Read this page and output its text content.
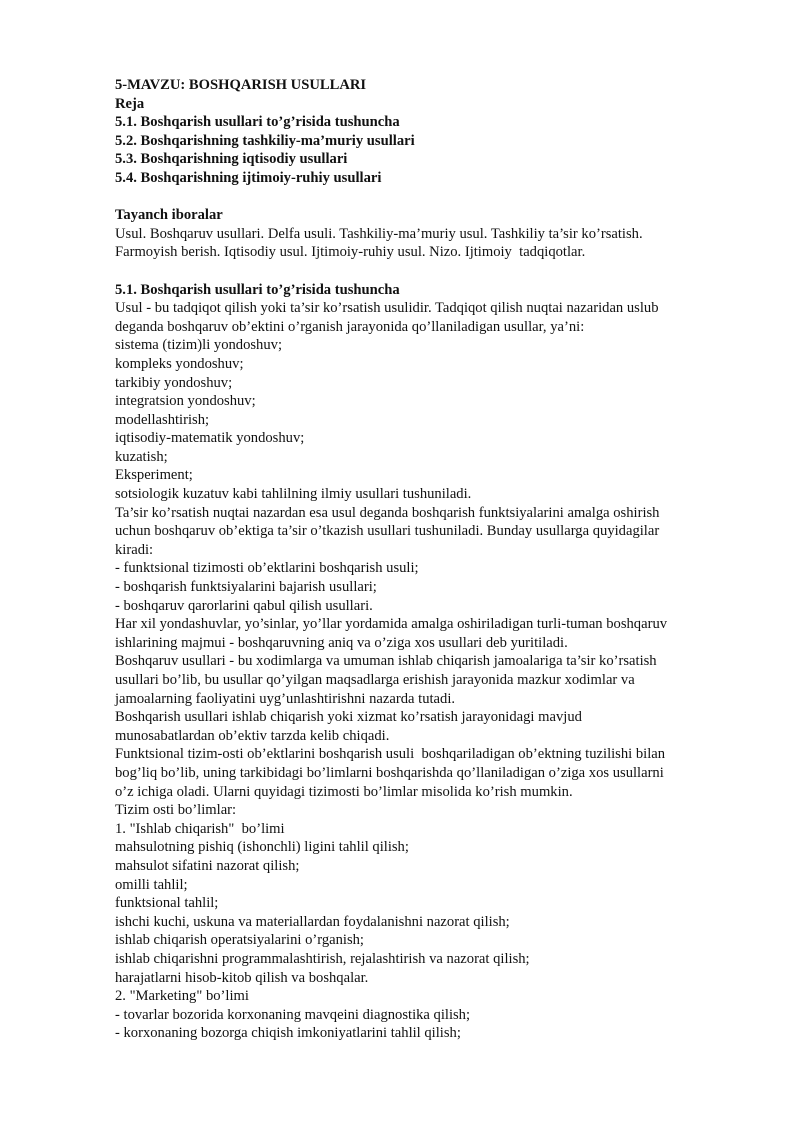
5-MAVZU: BOSHQARISH USULLARI
Reja
5.1. Boshqarish usullari to’g’risida tushuncha
5.2. Boshqarishning tashkiliy-ma’muriy usullari
5.3. Boshqarishning iqtisodiy usullari
5.4. Boshqarishning ijtimoiy-ruhiy usullari
Tayanch iboralar
Usul. Boshqaruv usullari. Delfa usuli. Tashkiliy-ma’muriy usul. Tashkiliy ta’sir ko’rsatish.
Farmoyish berish. Iqtisodiy usul. Ijtimoiy-ruhiy usul. Nizo. Ijtimoiy  tadqiqotlar.
5.1. Boshqarish usullari to’g’risida tushuncha
Usul - bu tadqiqot qilish yoki ta’sir ko’rsatish usulidir. Tadqiqot qilish nuqtai nazaridan uslub
deganda boshqaruv ob’ektini o’rganish jarayonida qo’llaniladigan usullar, ya’ni:
sistema (tizim)li yondoshuv;
kompleks yondoshuv;
tarkibiy yondoshuv;
integratsion yondoshuv;
modellashtirish;
iqtisodiy-matematik yondoshuv;
kuzatish;
Eksperiment;
sotsiologik kuzatuv kabi tahlilning ilmiy usullari tushuniladi.
Ta’sir ko’rsatish nuqtai nazardan esa usul deganda boshqarish funktsiyalarini amalga oshirish
uchun boshqaruv ob’ektiga ta’sir o’tkazish usullari tushuniladi. Bunday usullarga quyidagilar
kiradi:
- funktsional tizimosti ob’ektlarini boshqarish usuli;
- boshqarish funktsiyalarini bajarish usullari;
- boshqaruv qarorlarini qabul qilish usullari.
Har xil yondashuvlar, yo’sinlar, yo’llar yordamida amalga oshiriladigan turli-tuman boshqaruv
ishlarining majmui - boshqaruvning aniq va o’ziga xos usullari deb yuritiladi.
Boshqaruv usullari - bu xodimlarga va umuman ishlab chiqarish jamoalariga ta’sir ko’rsatish
usullari bo’lib, bu usullar qo’yilgan maqsadlarga erishish jarayonida mazkur xodimlar va
jamoalarning faoliyatini uyg’unlashtirishni nazarda tutadi.
Boshqarish usullari ishlab chiqarish yoki xizmat ko’rsatish jarayonidagi mavjud
munosabatlardan ob’ektiv tarzda kelib chiqadi.
Funktsional tizim-osti ob’ektlarini boshqarish usuli  boshqariladigan ob’ektning tuzilishi bilan
bog’liq bo’lib, uning tarkibidagi bo’limlarni boshqarishda qo’llaniladigan o’ziga xos usullarni
o’z ichiga oladi. Ularni quyidagi tizimosti bo’limlar misolida ko’rish mumkin.
Tizim osti bo’limlar:
1. "Ishlab chiqarish"  bo’limi
mahsulotning pishiq (ishonchli) ligini tahlil qilish;
mahsulot sifatini nazorat qilish;
omilli tahlil;
funktsional tahlil;
ishchi kuchi, uskuna va materiallardan foydalanishni nazorat qilish;
ishlab chiqarish operatsiyalarini o’rganish;
ishlab chiqarishni programmalashtirish, rejalashtirish va nazorat qilish;
harajatlarni hisob-kitob qilish va boshqalar.
2. "Marketing" bo’limi
- tovarlar bozorida korxonaning mavqeini diagnostika qilish;
- korxonaning bozorga chiqish imkoniyatlarini tahlil qilish;
